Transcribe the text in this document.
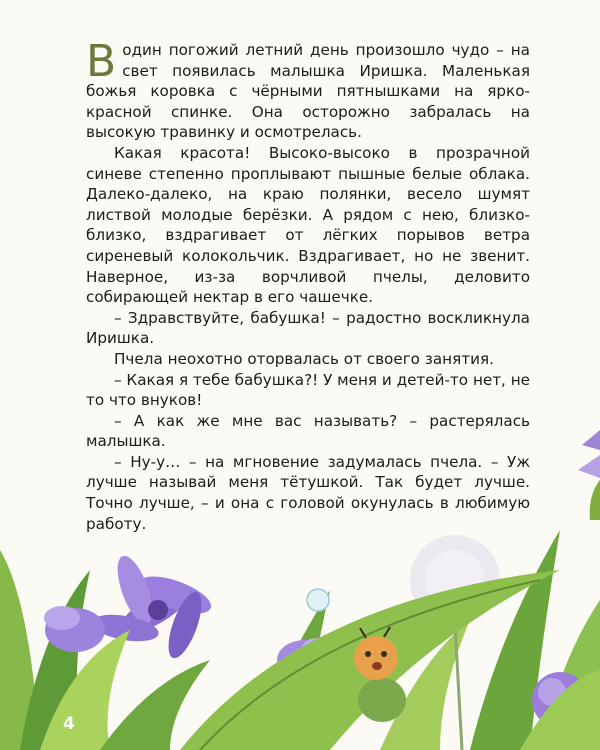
В один погожий летний день произошло чудо – на свет появилась малышка Иришка. Маленькая божья коровка с чёрными пятнышками на ярко-красной спинке. Она осторожно забралась на высокую травинку и осмотрелась.

Какая красота! Высоко-высоко в прозрачной синеве степенно проплывают пышные белые облака. Далеко-далеко, на краю полянки, весело шумят листвой молодые берёзки. А рядом с нею, близко-близко, вздрагивает от лёгких порывов ветра сиреневый колокольчик. Вздрагивает, но не звенит. Наверное, из-за ворчливой пчелы, деловито собирающей нектар в его чашечке.

– Здравствуйте, бабушка! – радостно воскликнула Иришка.

Пчела неохотно оторвалась от своего занятия.

– Какая я тебе бабушка?! У меня и детей-то нет, не то что внуков!

– А как же мне вас называть? – растерялась малышка.

– Ну-у… – на мгновение задумалась пчела. – Уж лучше называй меня тётушкой. Так будет лучше. Точно лучше, – и она с головой окунулась в любимую работу.

4
